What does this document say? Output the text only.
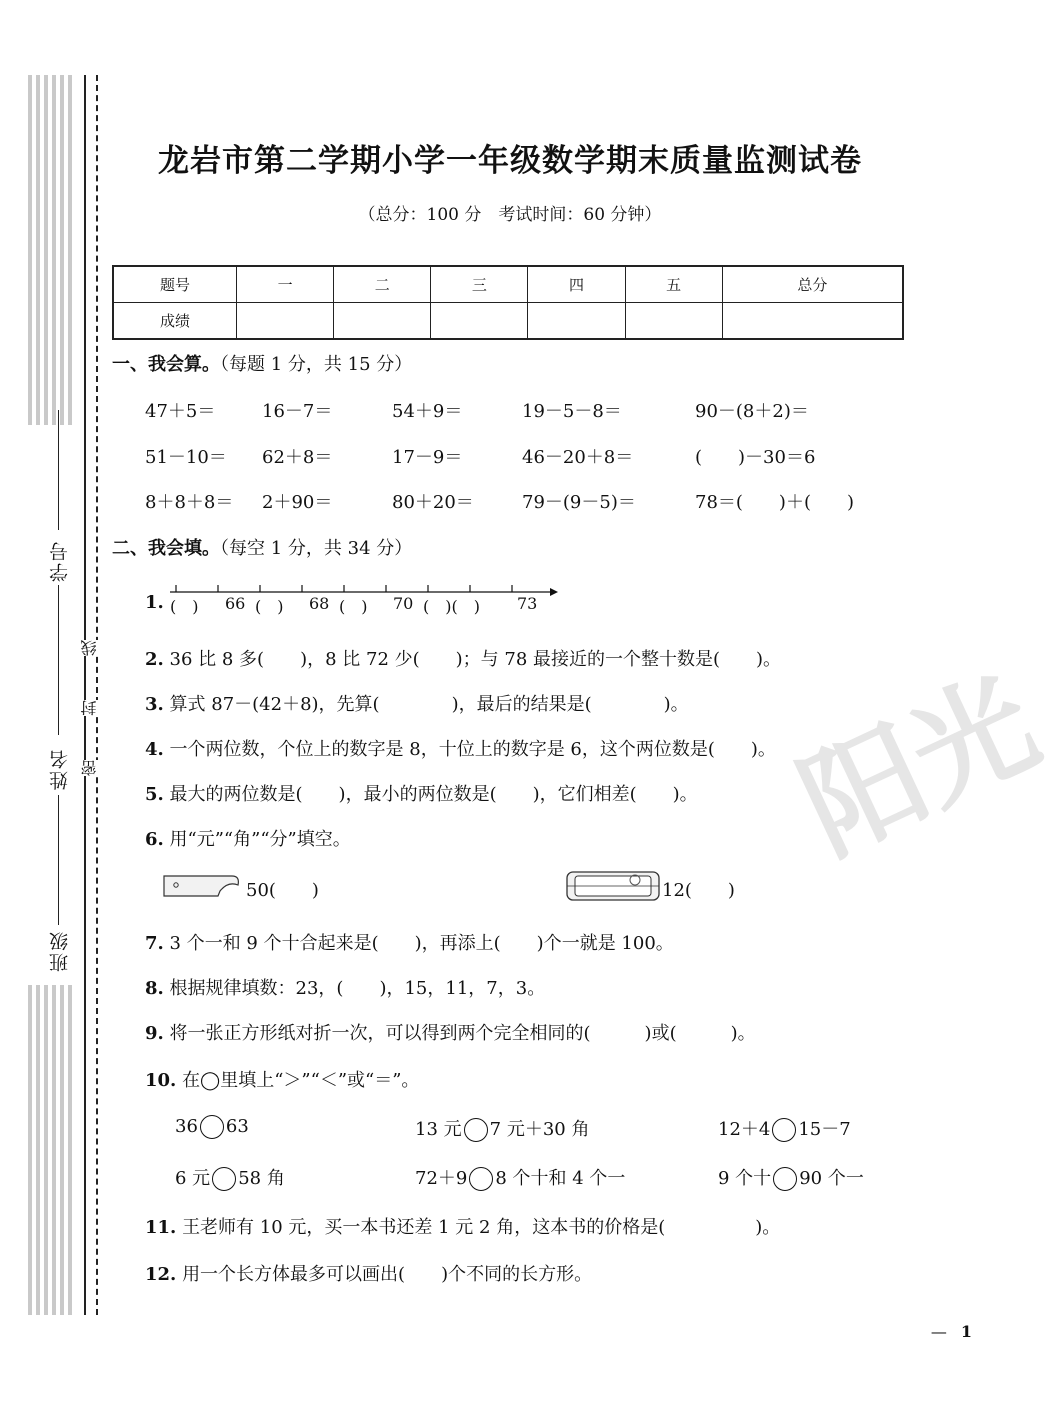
学号
姓名
班级
线
封
密
龙岩市第二学期小学一年级数学期末质量监测试卷
（总分：100 分　考试时间：60 分钟）
题号	一	二	三	四	五	总分
成绩						
一、我会算。（每题 1 分，共 15 分）
47＋5＝	16－7＝	54＋9＝	19－5－8＝	90－(8＋2)＝
51－10＝ 62＋8＝	17－9＝	46－20＋8＝	(　　)－30＝6
8＋8＋8＝ 2＋90＝	80＋20＝	79－(9－5)＝	78＝(　　)＋(　　)
二、我会填。（每空 1 分，共 34 分）
1. (　) 66 (　) 68 (　) 70 (　)(　) 73
2. 36 比 8 多(　　)，8 比 72 少(　　)；与 78 最接近的一个整十数是(　　)。
3. 算式 87－(42＋8)，先算(　　　　)，最后的结果是(　　　　)。
4. 一个两位数，个位上的数字是 8，十位上的数字是 6，这个两位数是(　　)。
5. 最大的两位数是(　　)，最小的两位数是(　　)，它们相差(　　)。
6. 用“元”“角”“分”填空。
50(　　)	12(　　)
7. 3 个一和 9 个十合起来是(　　)，再添上(　　)个一就是 100。
8. 根据规律填数：23，(　　)，15，11，7，3。
9. 将一张正方形纸对折一次，可以得到两个完全相同的(　　　)或(　　　)。
10. 在◯里填上“＞”“＜”或“＝”。
36 63	13 元 7 元＋30 角	12＋4 15－7
6 元 58 角	72＋9 8 个十和 4 个一	9 个十 90 个一
11. 王老师有 10 元，买一本书还差 1 元 2 角，这本书的价格是(　　　　　)。
12. 用一个长方体最多可以画出(　　)个不同的长方形。
阳光
— 1
